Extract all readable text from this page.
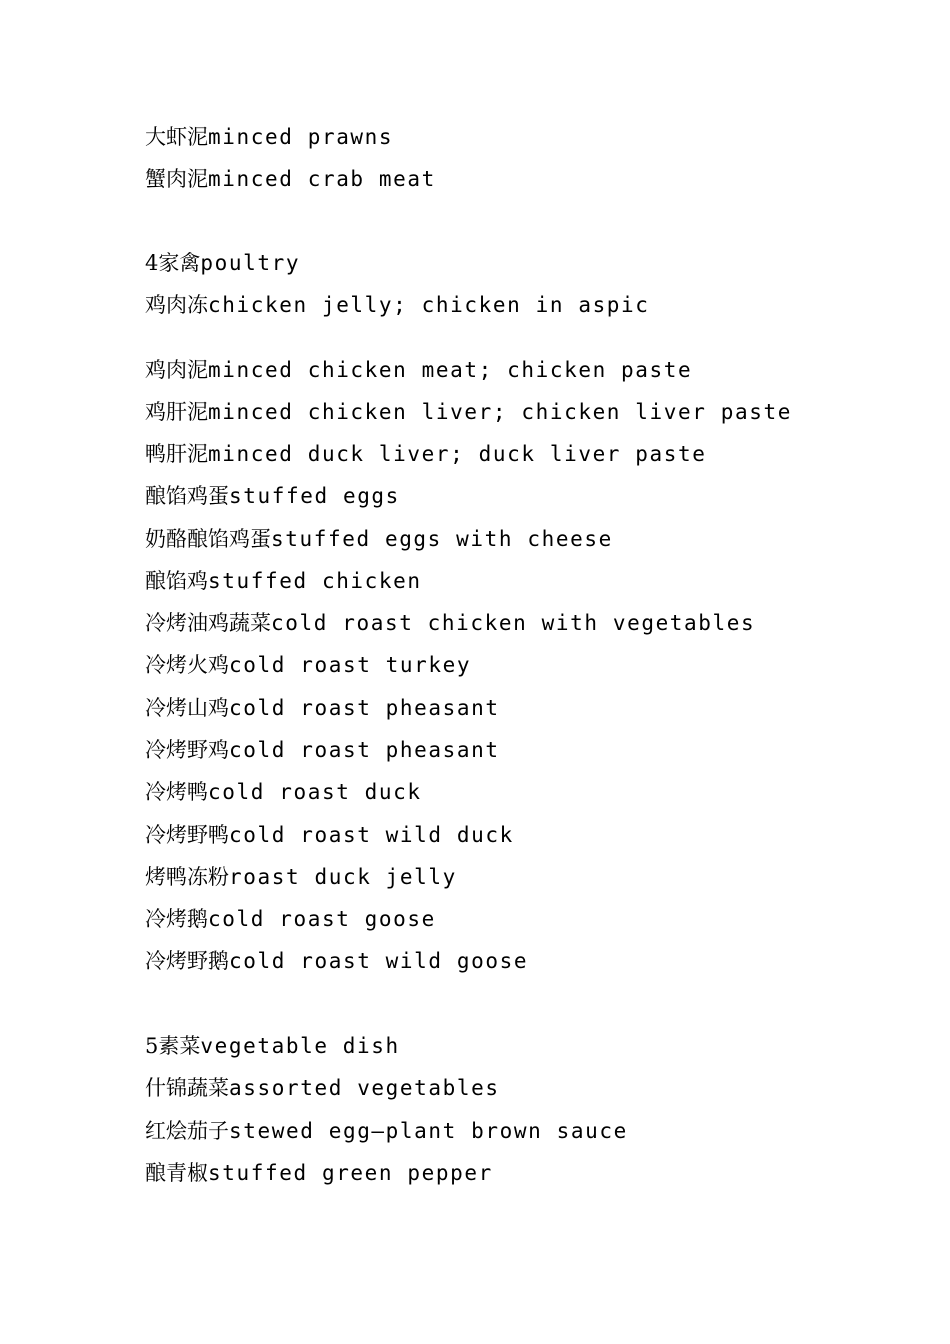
大虾泥minced prawns
蟹肉泥minced crab meat
4家禽poultry
鸡肉冻chicken jelly; chicken in aspic
鸡肉泥minced chicken meat; chicken paste
鸡肝泥minced chicken liver; chicken liver paste
鸭肝泥minced duck liver; duck liver paste
酿馅鸡蛋stuffed eggs
奶酪酿馅鸡蛋stuffed eggs with cheese
酿馅鸡stuffed chicken
冷烤油鸡蔬菜cold roast chicken with vegetables
冷烤火鸡cold roast turkey
冷烤山鸡cold roast pheasant
冷烤野鸡cold roast pheasant
冷烤鸭cold roast duck
冷烤野鸭cold roast wild duck
烤鸭冻粉roast duck jelly
冷烤鹅cold roast goose
冷烤野鹅cold roast wild goose
5素菜vegetable dish
什锦蔬菜assorted vegetables
红烩茄子stewed egg—plant brown sauce
酿青椒stuffed green pepper
